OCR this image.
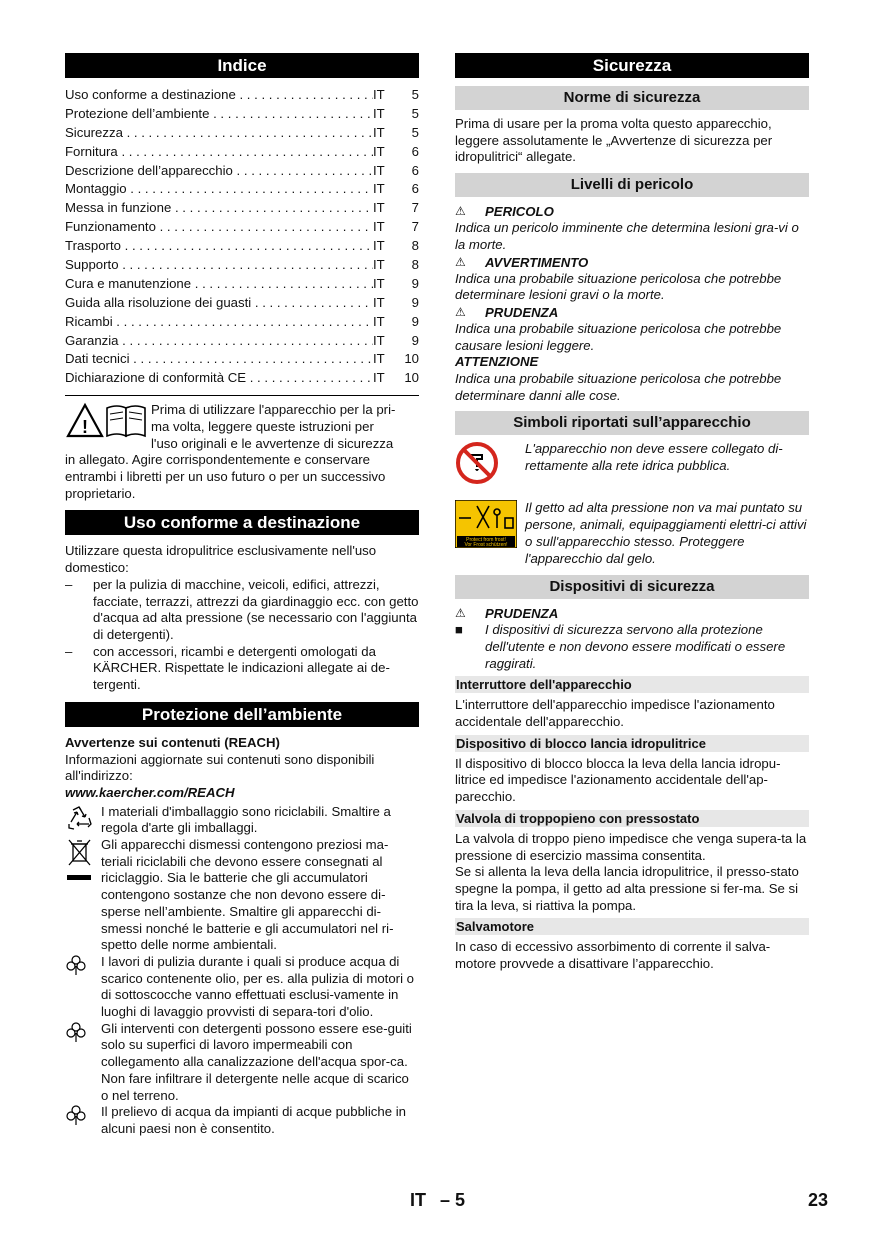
Indice
Uso conforme a destinazione . . .	IT	5
Protezione dell’ambiente . . .	IT	5
Sicurezza . . .	IT	5
Fornitura . . .	IT	6
Descrizione dell’apparecchio . . .	IT	6
Montaggio . . .	IT	6
Messa in funzione . . .	IT	7
Funzionamento . . .	IT	7
Trasporto . . .	IT	8
Supporto . . .	IT	8
Cura e manutenzione . . .	IT	9
Guida alla risoluzione dei guasti . . .	IT	9
Ricambi . . .	IT	9
Garanzia . . .	IT	9
Dati tecnici . . .	IT	10
Dichiarazione di conformità CE . . .	IT	10
!

Prima di utilizzare l'apparecchio per la pri-

ma volta, leggere queste istruzioni per

l'uso originali e le avvertenze di sicurezza

in allegato. Agire corrispondentemente e conservare entrambi i libretti per un uso futuro o per un successivo proprietario.

Uso conforme a destinazione

Utilizzare questa idropulitrice esclusivamente nell'uso domestico:

–	per la pulizia di macchine, veicoli, edifici, attrezzi, facciate, terrazzi, attrezzi da giardinaggio ecc. con getto d'acqua ad alta pressione (se necessario con l'aggiunta di detergenti).
–	con accessori, ricambi e detergenti omologati da KÄRCHER. Rispettate le indicazioni allegate ai de-tergenti.
Protezione dell’ambiente

Avvertenze sui contenuti (REACH)

Informazioni aggiornate sui contenuti sono disponibili all'indirizzo:

www.kaercher.com/REACH

I materiali d'imballaggio sono riciclabili. Smaltire a regola d'arte gli imballaggi.

Gli apparecchi dismessi contengono preziosi ma-teriali riciclabili che devono essere consegnati al riciclaggio. Sia le batterie che gli accumulatori contengono sostanze che non devono essere di-sperse nell’ambiente. Smaltire gli apparecchi di-smessi nonché le batterie e gli accumulatori nel ri-spetto delle norme ambientali.

I lavori di pulizia durante i quali si produce acqua di scarico contenente olio, per es. alla pulizia di motori o di sottoscocche vanno effettuati esclusi-vamente in luoghi di lavaggio provvisti di separa-tori d'olio.

Gli interventi con detergenti possono essere ese-guiti solo su superfici di lavoro impermeabili con collegamento alla canalizzazione dell'acqua spor-ca. Non fare infiltrare il detergente nelle acque di scarico o nel terreno.

Il prelievo di acqua da impianti di acque pubbliche in alcuni paesi non è consentito.

Sicurezza
Norme di sicurezza

Prima di usare per la proma volta questo apparecchio, leggere assolutamente le „Avvertenze di sicurezza per idropulitrici“ allegate.

Livelli di pericolo
⚠	PERICOLO

Indica un pericolo imminente che determina lesioni gra-vi o la morte.

⚠	AVVERTIMENTO

Indica una probabile situazione pericolosa che potrebbe determinare lesioni gravi o la morte.

⚠	PRUDENZA

Indica una probabile situazione pericolosa che potrebbe causare lesioni leggere.

ATTENZIONE

Indica una probabile situazione pericolosa che potrebbe determinare danni alle cose.

Simboli riportati sull’apparecchio

L'apparecchio non deve essere collegato di-rettamente alla rete idrica pubblica.

Protect from frost!
Vor Frost schützen!

Il getto ad alta pressione non va mai puntato su persone, animali, equipaggiamenti elettri-ci attivi o sull'apparecchio stesso. Proteggere l'apparecchio dal gelo.

Dispositivi di sicurezza
⚠	PRUDENZA
■	I dispositivi di sicurezza servono alla protezione dell'utente e non devono essere modificati o essere raggirati.
Interruttore dell'apparecchio

L'interruttore dell'apparecchio impedisce l'azionamento accidentale dell'apparecchio.

Dispositivo di blocco lancia idropulitrice

Il dispositivo di blocco blocca la leva della lancia idropu-litrice ed impedisce l'azionamento accidentale dell'ap-parecchio.

Valvola di troppopieno con pressostato

La valvola di troppo pieno impedisce che venga supera-ta la pressione di esercizio massima consentita.

Se si allenta la leva della lancia idropulitrice, il presso-stato spegne la pompa, il getto ad alta pressione si fer-ma. Se si tira la leva, si riattiva la pompa.

Salvamotore

In caso di eccessivo assorbimento di corrente il salva-motore provvede a disattivare l’apparecchio.

IT – 5	23
